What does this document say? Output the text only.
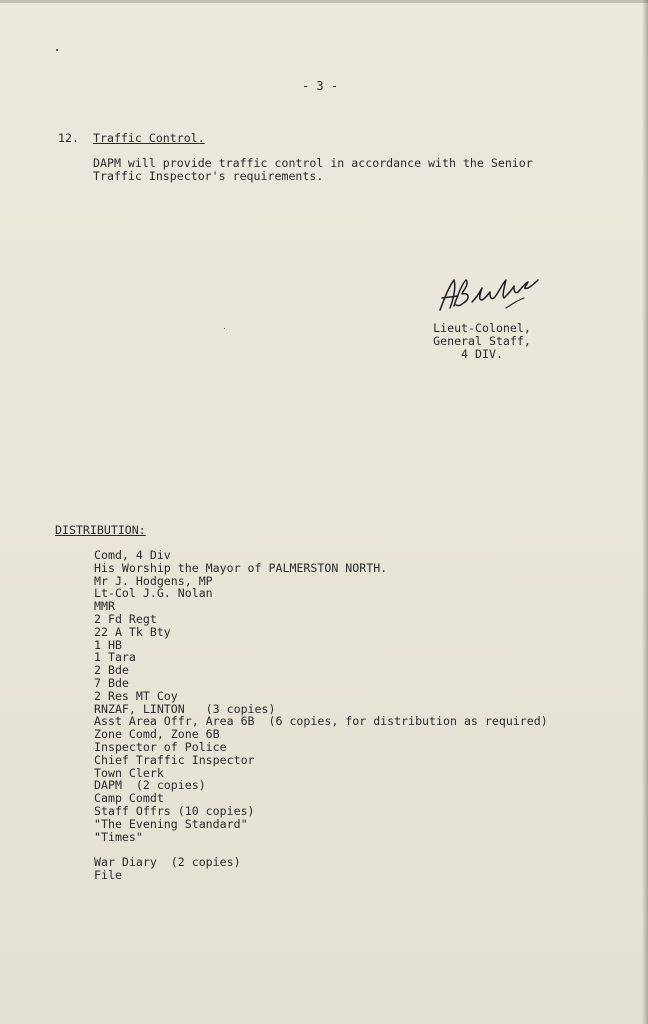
- 3 -
12. Traffic Control.
DAPM will provide traffic control in accordance with the Senior
Traffic Inspector's requirements.
Lieut-Colonel,
General Staff,
4 DIV.
DISTRIBUTION:
Comd, 4 Div
His Worship the Mayor of PALMERSTON NORTH.
Mr J. Hodgens, MP
Lt-Col J.G. Nolan
MMR
2 Fd Regt
22 A Tk Bty
1 HB
1 Tara
2 Bde
7 Bde
2 Res MT Coy
RNZAF, LINTON   (3 copies)
Asst Area Offr, Area 6B  (6 copies, for distribution as required)
Zone Comd, Zone 6B
Inspector of Police
Chief Traffic Inspector
Town Clerk
DAPM  (2 copies)
Camp Comdt
Staff Offrs (10 copies)
"The Evening Standard"
"Times"
War Diary  (2 copies)
File
